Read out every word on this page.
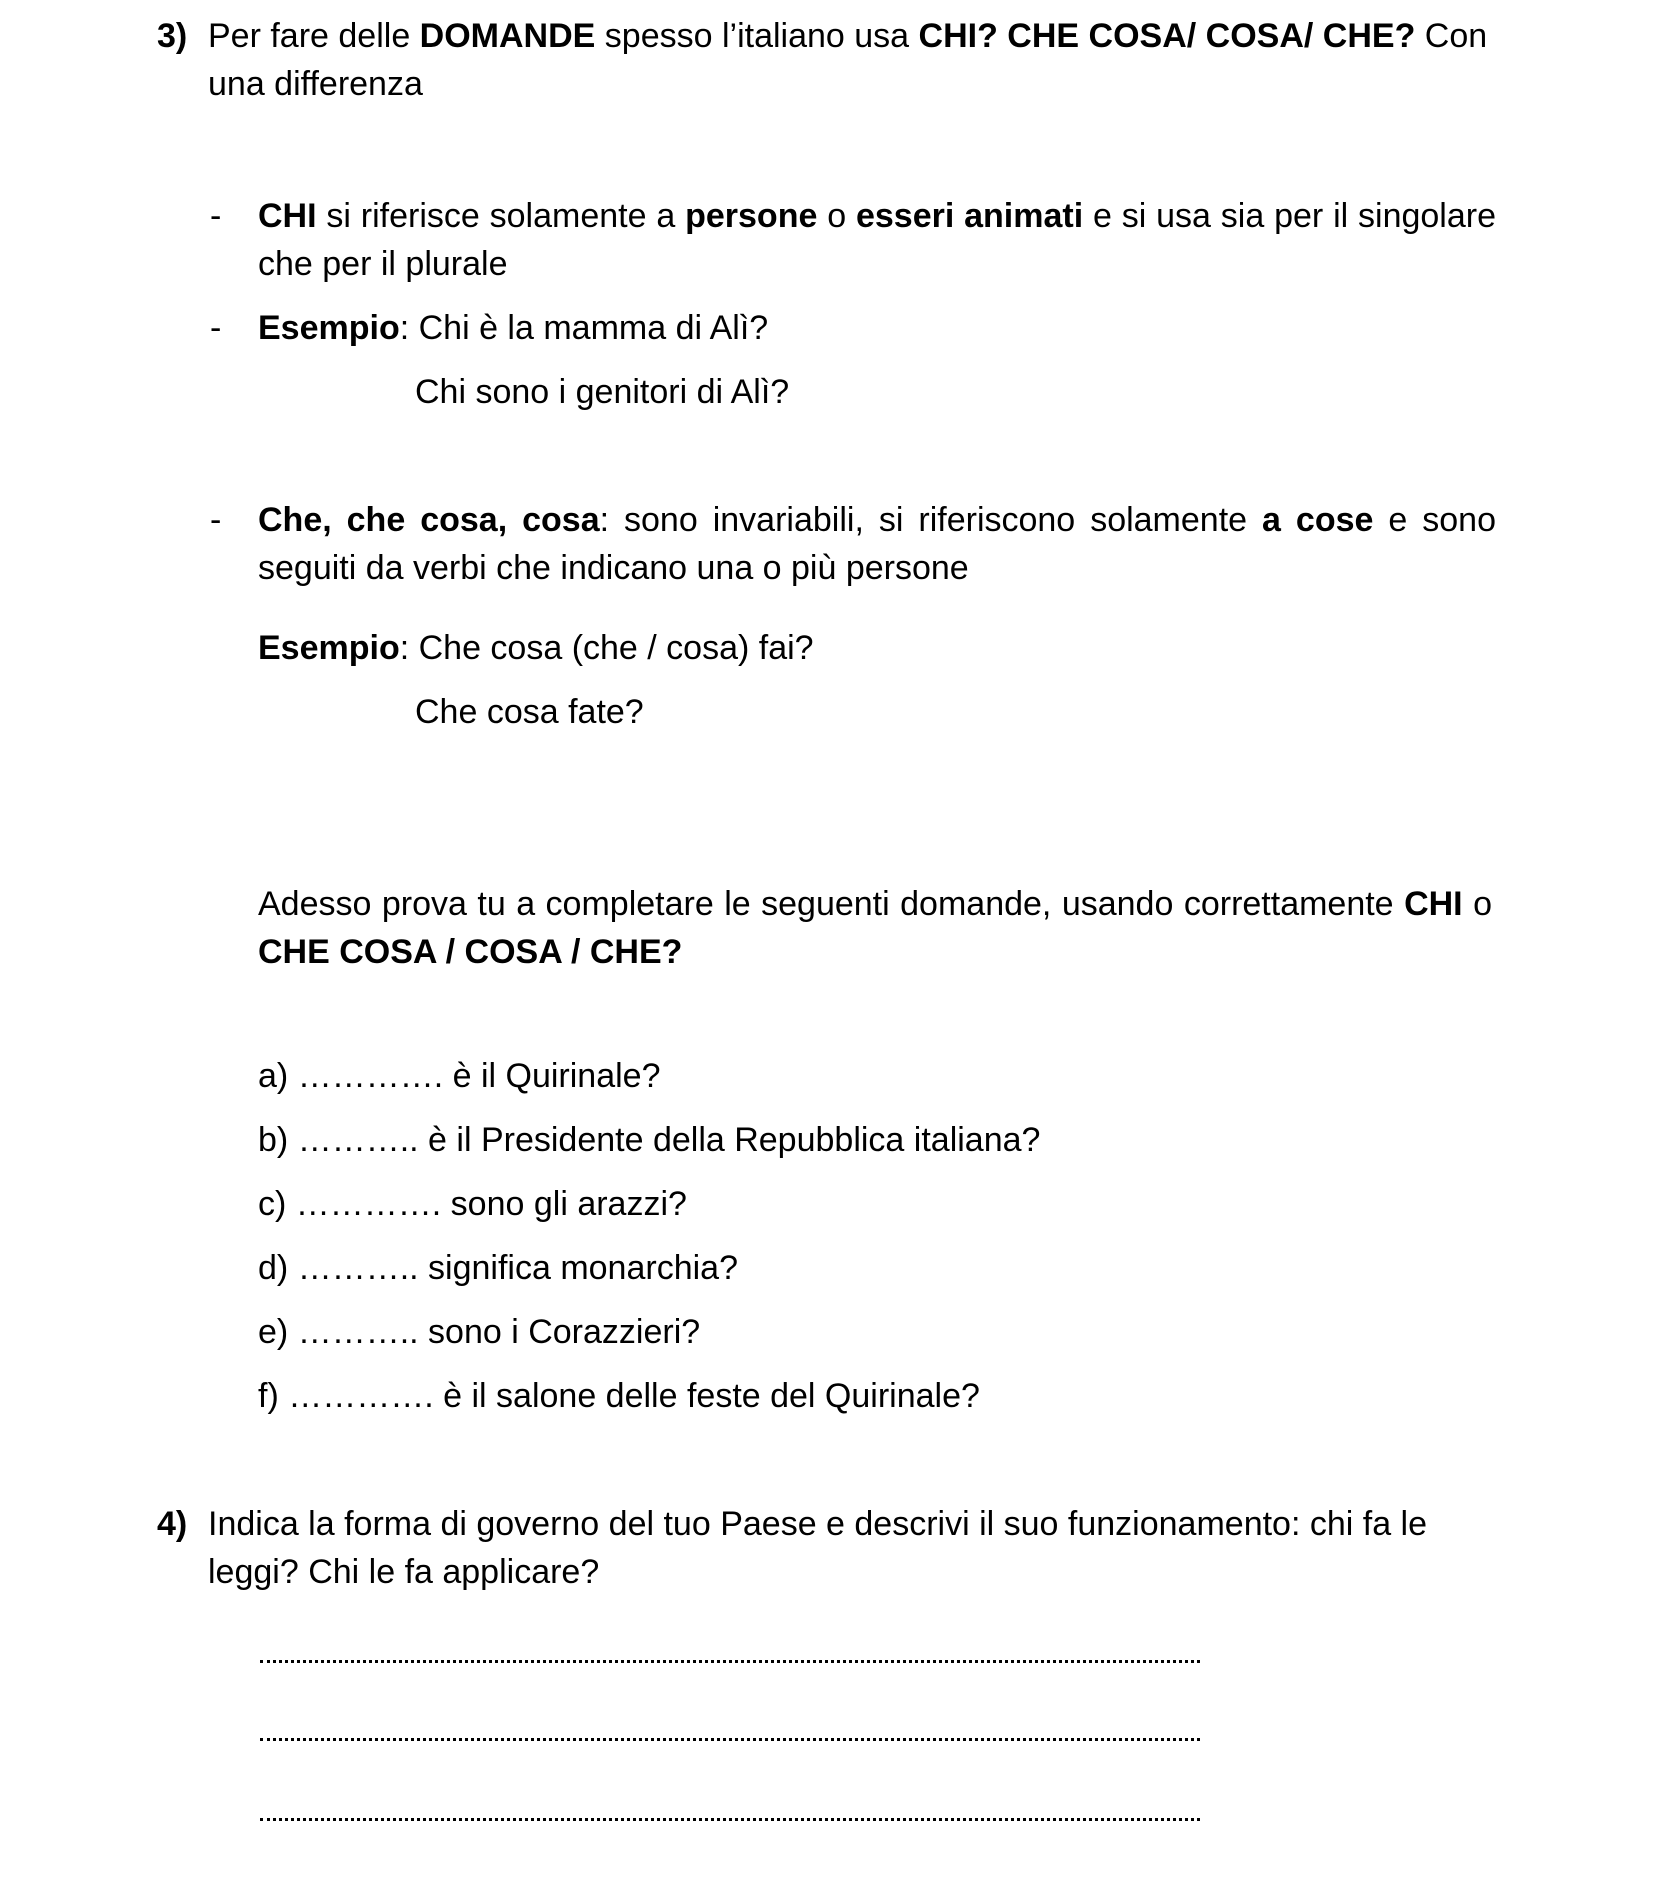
3) Per fare delle DOMANDE spesso l’italiano usa CHI? CHE COSA/ COSA/ CHE? Con una differenza
- CHI si riferisce solamente a persone o esseri animati e si usa sia per il singolare che per il plurale
- Esempio: Chi è la mamma di Alì?
Chi sono i genitori di Alì?
- Che, che cosa, cosa: sono invariabili, si riferiscono solamente a cose e sono seguiti da verbi che indicano una o più persone
Esempio: Che cosa (che / cosa) fai?
Che cosa fate?
Adesso prova tu a completare le seguenti domande, usando correttamente CHI o CHE COSA / COSA / CHE?
a) …………. è il Quirinale?
b) ……….. è il Presidente della Repubblica italiana?
c) …………. sono gli arazzi?
d) ……….. significa monarchia?
e) ……….. sono i Corazzieri?
f) …………. è il salone delle feste del Quirinale?
4) Indica la forma di governo del tuo Paese e descrivi il suo funzionamento: chi fa le leggi? Chi le fa applicare?
